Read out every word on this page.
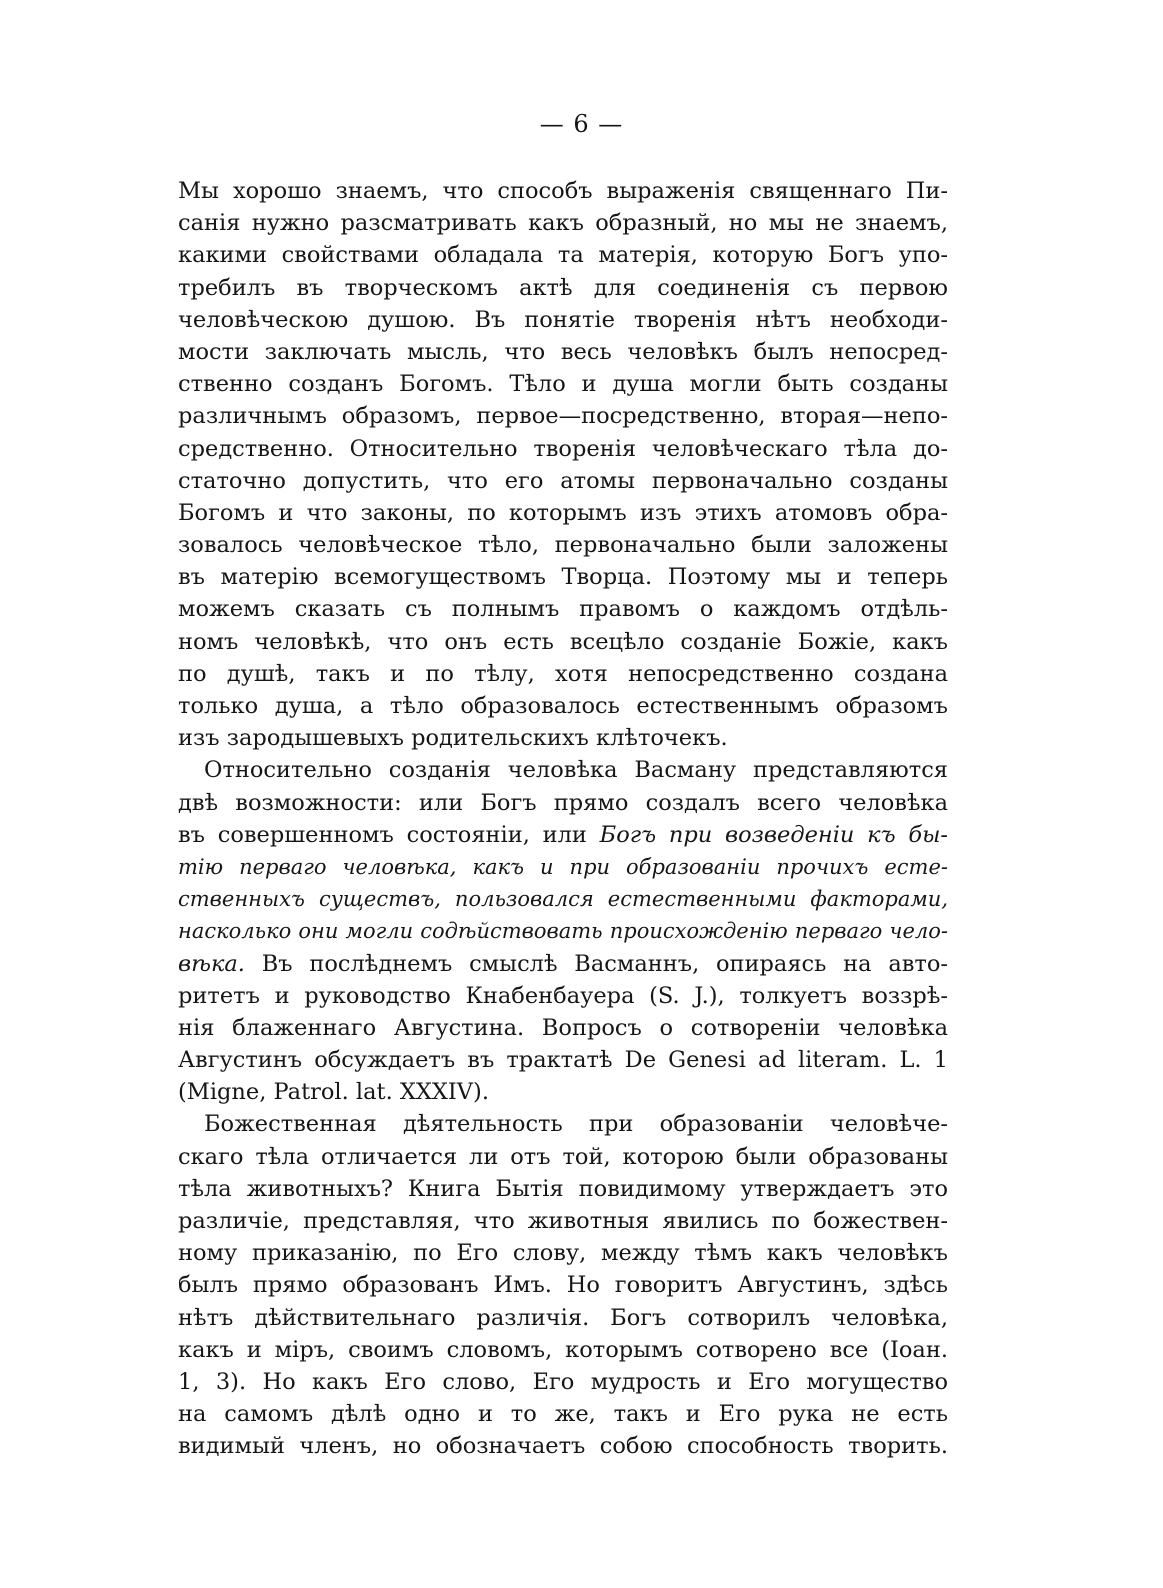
— 6 —
Мы хорошо знаемъ, что способъ выраженія священнаго Пи-
санія нужно разсматривать какъ образный, но мы не знаемъ,
какими свойствами обладала та матерія, которую Богъ упо-
требилъ въ творческомъ актѣ для соединенія съ первою
человѣческою душою. Въ понятіе творенія нѣтъ необходи-
мости заключать мысль, что весь человѣкъ былъ непосред-
ственно созданъ Богомъ. Тѣло и душа могли быть созданы
различнымъ образомъ, первое—посредственно, вторая—непо-
средственно. Относительно творенія человѣческаго тѣла до-
статочно допустить, что его атомы первоначально созданы
Богомъ и что законы, по которымъ изъ этихъ атомовъ обра-
зовалось человѣческое тѣло, первоначально были заложены
въ матерію всемогуществомъ Творца. Поэтому мы и теперь
можемъ сказать съ полнымъ правомъ о каждомъ отдѣль-
номъ человѣкѣ, что онъ есть всецѣло созданіе Божіе, какъ
по душѣ, такъ и по тѣлу, хотя непосредственно создана
только душа, а тѣло образовалось естественнымъ образомъ
изъ зародышевыхъ родительскихъ клѣточекъ.
Относительно созданія человѣка Васману представляются
двѣ возможности: или Богъ прямо создалъ всего человѣка
въ совершенномъ состояніи, или Богъ при возведеніи къ бы-
тію перваго человѣка, какъ и при образованіи прочихъ есте-
ственныхъ существъ, пользовался естественными факторами,
насколько они могли содѣйствовать происхожденію перваго чело-
вѣка. Въ послѣднемъ смыслѣ Васманнъ, опираясь на авто-
ритетъ и руководство Кнабенбауера (S. J.), толкуетъ воззрѣ-
нія блаженнаго Августина. Вопросъ о сотвореніи человѣка
Августинъ обсуждаетъ въ трактатѣ De Genesi ad literam. L. 1
(Migne, Patrol. lat. XXXIV).
Божественная дѣятельность при образованіи человѣче-
скаго тѣла отличается ли отъ той, которою были образованы
тѣла животныхъ? Книга Бытія повидимому утверждаетъ это
различіе, представляя, что животныя явились по божествен-
ному приказанію, по Его слову, между тѣмъ какъ человѣкъ
былъ прямо образованъ Имъ. Но говоритъ Августинъ, здѣсь
нѣтъ дѣйствительнаго различія. Богъ сотворилъ человѣка,
какъ и міръ, своимъ словомъ, которымъ сотворено все (Іоан.
1, 3). Но какъ Его слово, Его мудрость и Его могущество
на самомъ дѣлѣ одно и то же, такъ и Его рука не есть
видимый членъ, но обозначаетъ собою способность творить.
